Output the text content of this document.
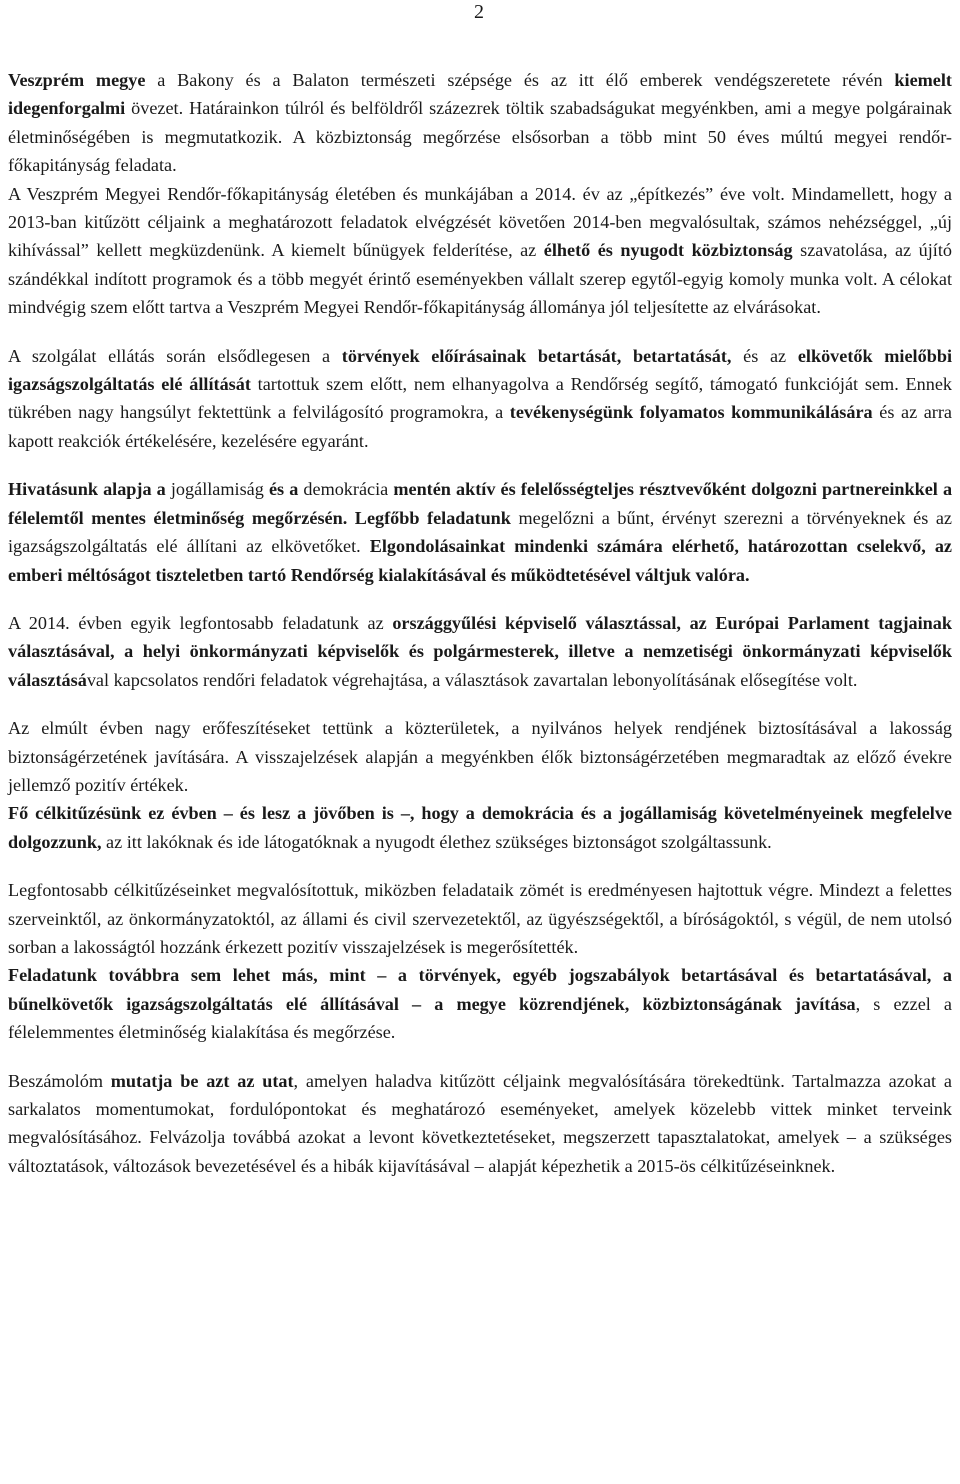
2

Veszprém megye a Bakony és a Balaton természeti szépsége és az itt élő emberek vendégszeretete révén kiemelt idegenforgalmi övezet. Határainkon túlról és belföldről százezrek töltik szabadságukat megyénkben, ami a megye polgárainak életminőségében is megmutatkozik. A közbiztonság megőrzése elsősorban a több mint 50 éves múltú megyei rendőr-főkapitányság feladata.

A Veszprém Megyei Rendőr-főkapitányság életében és munkájában a 2014. év az „építkezés” éve volt. Mindamellett, hogy a 2013-ban kitűzött céljaink a meghatározott feladatok elvégzését követően 2014-ben megvalósultak, számos nehézséggel, „új kihívással” kellett megküzdenünk. A kiemelt bűnügyek felderítése, az élhető és nyugodt közbiztonság szavatolása, az újító szándékkal indított programok és a több megyét érintő eseményekben vállalt szerep egytől-egyig komoly munka volt. A célokat mindvégig szem előtt tartva a Veszprém Megyei Rendőr-főkapitányság állománya jól teljesítette az elvárásokat.

A szolgálat ellátás során elsődlegesen a törvények előírásainak betartását, betartatását, és az elkövetők mielőbbi igazságszolgáltatás elé állítását tartottuk szem előtt, nem elhanyagolva a Rendőrség segítő, támogató funkcióját sem. Ennek tükrében nagy hangsúlyt fektettünk a felvilágosító programokra, a tevékenységünk folyamatos kommunikálására és az arra kapott reakciók értékelésére, kezelésére egyaránt.

Hivatásunk alapja a jogállamiság és a demokrácia mentén aktív és felelősségteljes résztvevőként dolgozni partnereinkkel a félelemtől mentes életminőség megőrzésén. Legfőbb feladatunk megelőzni a bűnt, érvényt szerezni a törvényeknek és az igazságszolgáltatás elé állítani az elkövetőket. Elgondolásainkat mindenki számára elérhető, határozottan cselekvő, az emberi méltóságot tiszteletben tartó Rendőrség kialakításával és működtetésével váltjuk valóra.

A 2014. évben egyik legfontosabb feladatunk az országgyűlési képviselő választással, az Európai Parlament tagjainak választásával, a helyi önkormányzati képviselők és polgármesterek, illetve a nemzetiségi önkormányzati képviselők választásával kapcsolatos rendőri feladatok végrehajtása, a választások zavartalan lebonyolításának elősegítése volt.

Az elmúlt évben nagy erőfeszítéseket tettünk a közterületek, a nyilvános helyek rendjének biztosításával a lakosság biztonságérzetének javítására. A visszajelzések alapján a megyénkben élők biztonságérzetében megmaradtak az előző évekre jellemző pozitív értékek.

Fő célkitűzésünk ez évben – és lesz a jövőben is –, hogy a demokrácia és a jogállamiság követelményeinek megfelelve dolgozzunk, az itt lakóknak és ide látogatóknak a nyugodt élethez szükséges biztonságot szolgáltassunk.

Legfontosabb célkitűzéseinket megvalósítottuk, miközben feladataik zömét is eredményesen hajtottuk végre. Mindezt a felettes szerveinktől, az önkormányzatoktól, az állami és civil szervezetektől, az ügyészségektől, a bíróságoktól, s végül, de nem utolsó sorban a lakosságtól hozzánk érkezett pozitív visszajelzések is megerősítették.

Feladatunk továbbra sem lehet más, mint – a törvények, egyéb jogszabályok betartásával és betartatásával, a bűnelkövetők igazságszolgáltatás elé állításával – a megye közrendjének, közbiztonságának javítása, s ezzel a félelemmentes életminőség kialakítása és megőrzése.

Beszámolóm mutatja be azt az utat, amelyen haladva kitűzött céljaink megvalósítására törekedtünk. Tartalmazza azokat a sarkalatos momentumokat, fordulópontokat és meghatározó eseményeket, amelyek közelebb vittek minket terveink megvalósításához. Felvázolja továbbá azokat a levont következtetéseket, megszerzett tapasztalatokat, amelyek – a szükséges változtatások, változások bevezetésével és a hibák kijavításával – alapját képezhetik a 2015-ös célkitűzéseinknek.
